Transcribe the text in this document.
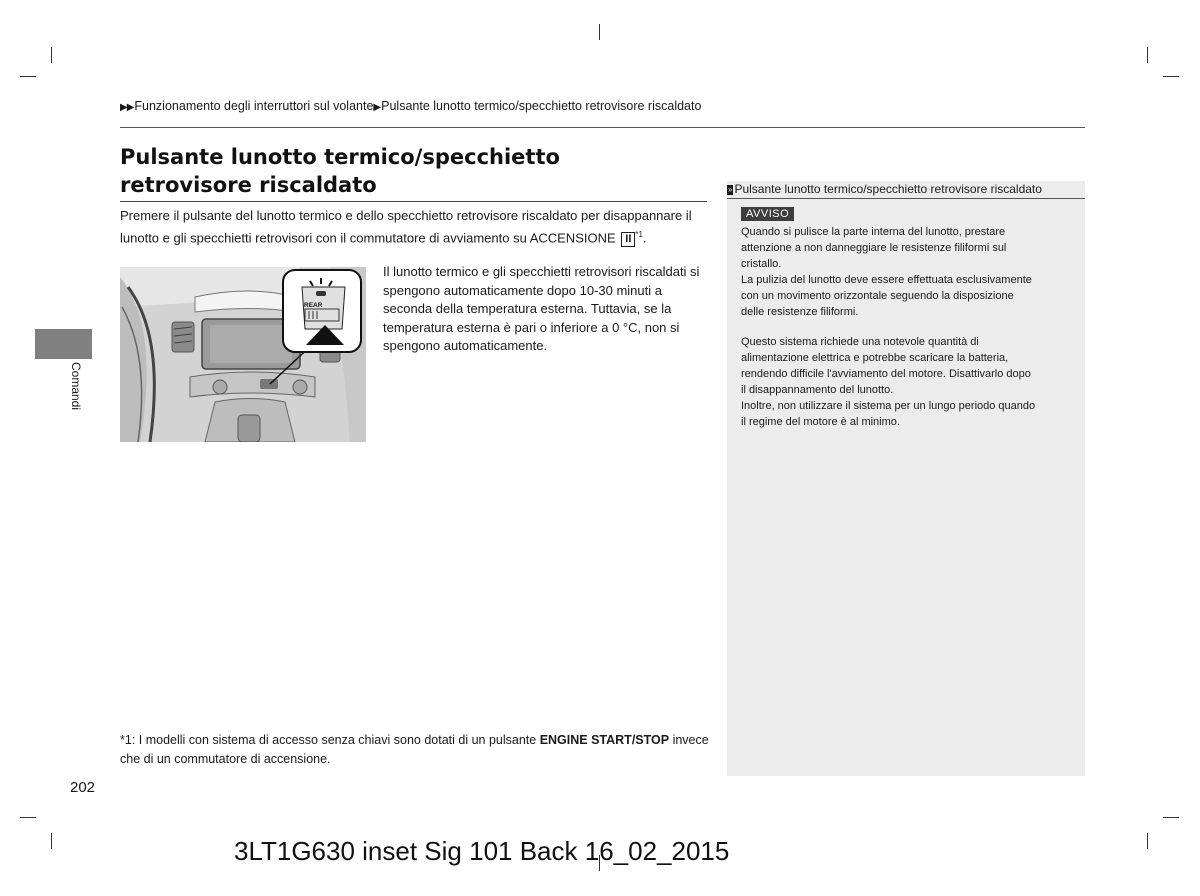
▶▶Funzionamento degli interruttori sul volante▶Pulsante lunotto termico/specchietto retrovisore riscaldato
Pulsante lunotto termico/specchietto
retrovisore riscaldato
Premere il pulsante del lunotto termico e dello specchietto retrovisore riscaldato per disappannare il lunotto e gli specchietti retrovisori con il commutatore di avviamento su ACCENSIONE II $^{*1}$.
REAR
Il lunotto termico e gli specchietti retrovisori riscaldati si spengono automaticamente dopo 10-30 minuti a seconda della temperatura esterna. Tuttavia, se la temperatura esterna è pari o inferiore a 0 °C, non si spengono automaticamente.
*1: I modelli con sistema di accesso senza chiavi sono dotati di un pulsante ENGINE START/STOP invece che di un commutatore di accensione.
Comandi
» Pulsante lunotto termico/specchietto retrovisore riscaldato
AVVISO
Quando si pulisce la parte interna del lunotto, prestare
attenzione a non danneggiare le resistenze filiformi sul
cristallo.
La pulizia del lunotto deve essere effettuata esclusivamente
con un movimento orizzontale seguendo la disposizione
delle resistenze filiformi.
Questo sistema richiede una notevole quantità di
alimentazione elettrica e potrebbe scaricare la batteria,
rendendo difficile l'avviamento del motore. Disattivarlo dopo
il disappannamento del lunotto.
Inoltre, non utilizzare il sistema per un lungo periodo quando
il regime del motore è al minimo.
202
3LT1G630 inset Sig 101 Back 16_02_2015
